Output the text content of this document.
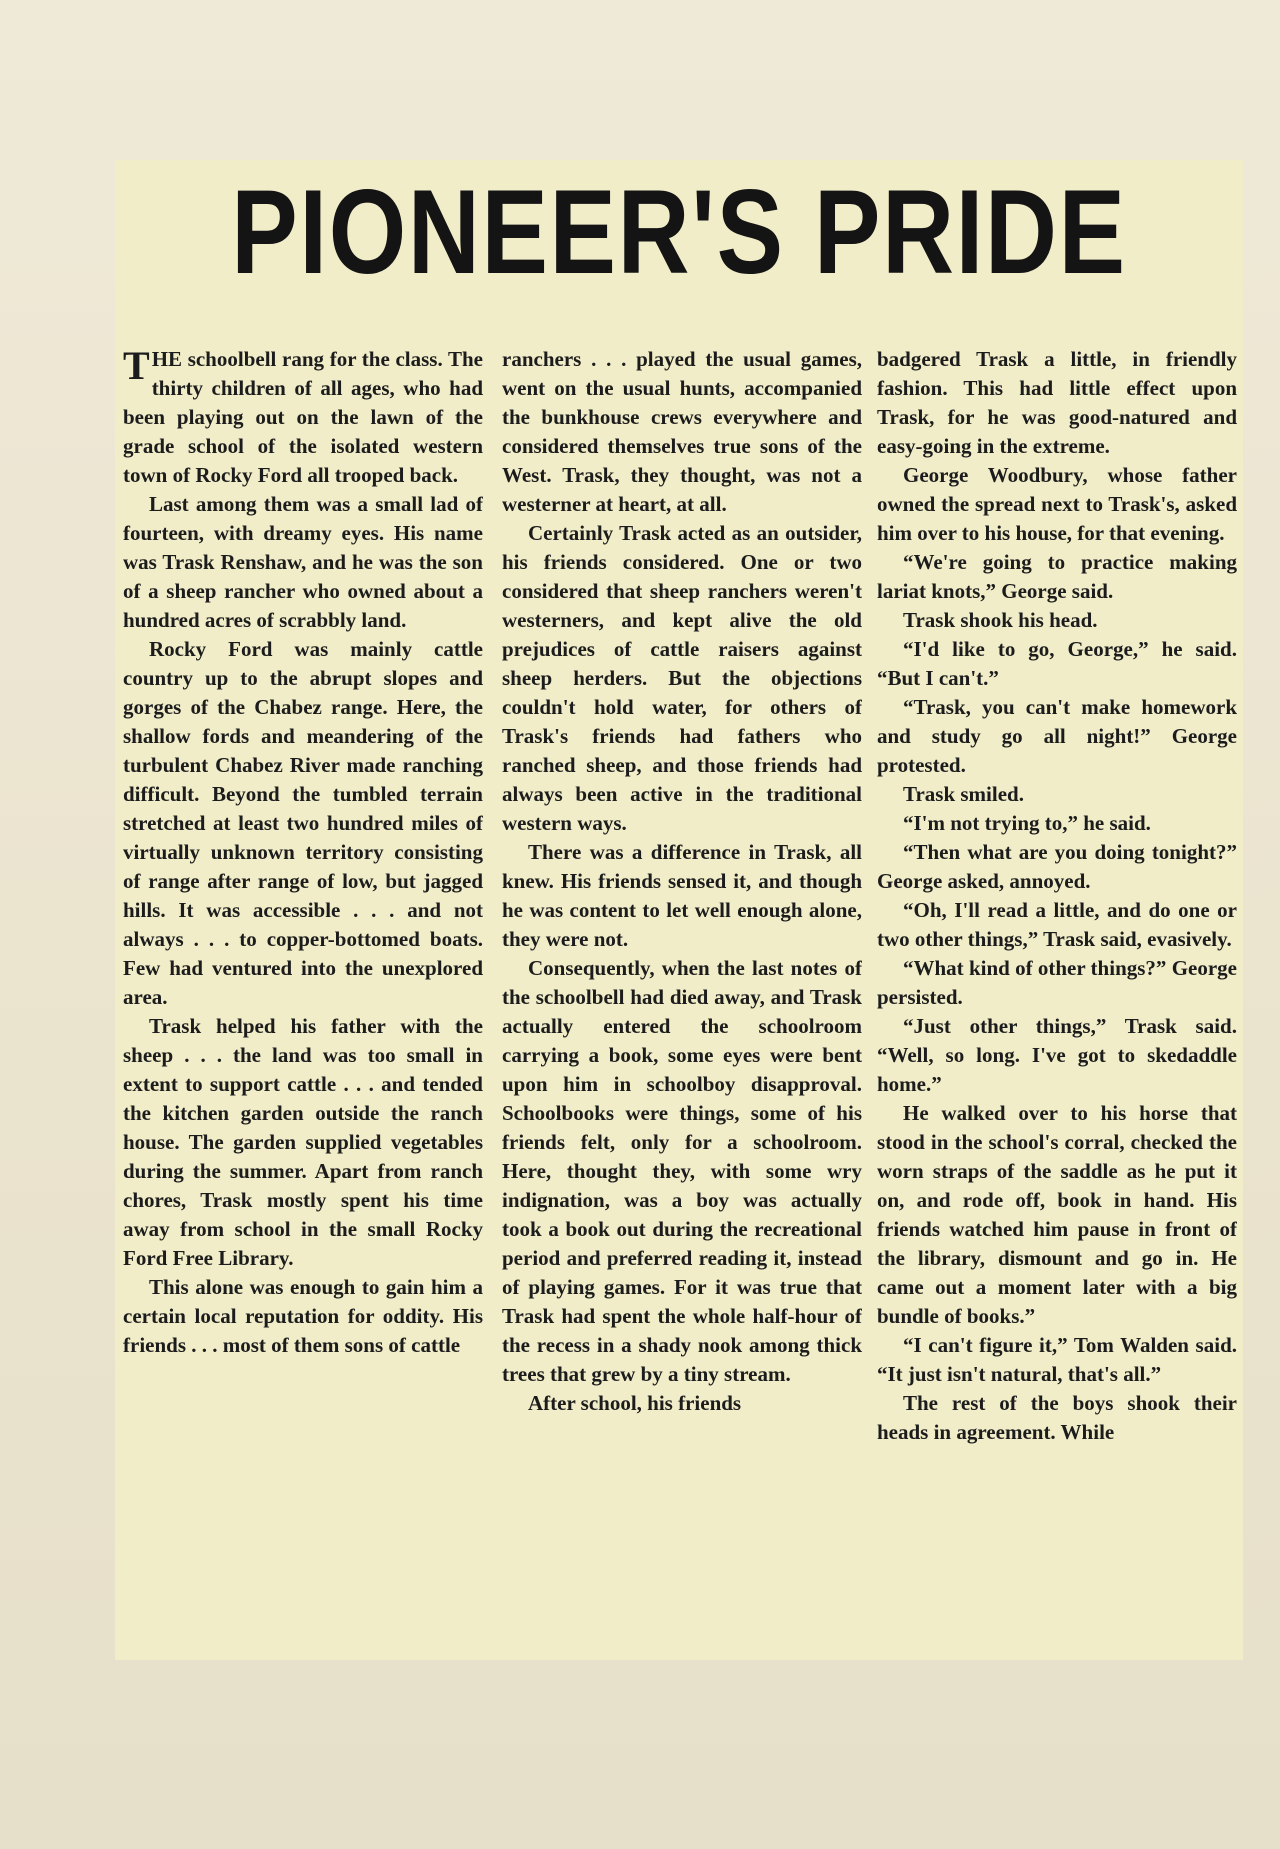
PIONEER'S PRIDE

THE schoolbell rang for the class. The thirty children of all ages, who had been playing out on the lawn of the grade school of the isolated western town of Rocky Ford all trooped back.

Last among them was a small lad of fourteen, with dreamy eyes. His name was Trask Renshaw, and he was the son of a sheep rancher who owned about a hundred acres of scrabbly land.

Rocky Ford was mainly cattle country up to the abrupt slopes and gorges of the Chabez range. Here, the shallow fords and meandering of the turbulent Chabez River made ranching difficult. Beyond the tumbled terrain stretched at least two hundred miles of virtually unknown territory consisting of range after range of low, but jagged hills. It was accessible . . . and not always . . . to copper-bottomed boats. Few had ventured into the unexplored area.

Trask helped his father with the sheep . . . the land was too small in extent to support cattle . . . and tended the kitchen garden outside the ranch house. The garden supplied vegetables during the summer. Apart from ranch chores, Trask mostly spent his time away from school in the small Rocky Ford Free Library.

This alone was enough to gain him a certain local reputation for oddity. His friends . . . most of them sons of cattle

ranchers . . . played the usual games, went on the usual hunts, accompanied the bunkhouse crews everywhere and considered themselves true sons of the West. Trask, they thought, was not a westerner at heart, at all.

Certainly Trask acted as an outsider, his friends considered. One or two considered that sheep ranchers weren't westerners, and kept alive the old prejudices of cattle raisers against sheep herders. But the objections couldn't hold water, for others of Trask's friends had fathers who ranched sheep, and those friends had always been active in the traditional western ways.

There was a difference in Trask, all knew. His friends sensed it, and though he was content to let well enough alone, they were not.

Consequently, when the last notes of the schoolbell had died away, and Trask actually entered the schoolroom carrying a book, some eyes were bent upon him in schoolboy disapproval. Schoolbooks were things, some of his friends felt, only for a schoolroom. Here, thought they, with some wry indignation, was a boy was actually took a book out during the recreational period and preferred reading it, instead of playing games. For it was true that Trask had spent the whole half-hour of the recess in a shady nook among thick trees that grew by a tiny stream.

After school, his friends

badgered Trask a little, in friendly fashion. This had little effect upon Trask, for he was good-natured and easy-going in the extreme.

George Woodbury, whose father owned the spread next to Trask's, asked him over to his house, for that evening.

“We're going to practice making lariat knots,” George said.

Trask shook his head.

“I'd like to go, George,” he said. “But I can't.”

“Trask, you can't make homework and study go all night!” George protested.

Trask smiled.

“I'm not trying to,” he said.

“Then what are you doing tonight?” George asked, annoyed.

“Oh, I'll read a little, and do one or two other things,” Trask said, evasively.

“What kind of other things?” George persisted.

“Just other things,” Trask said. “Well, so long. I've got to skedaddle home.”

He walked over to his horse that stood in the school's corral, checked the worn straps of the saddle as he put it on, and rode off, book in hand. His friends watched him pause in front of the library, dismount and go in. He came out a moment later with a big bundle of books.”

“I can't figure it,” Tom Walden said. “It just isn't natural, that's all.”

The rest of the boys shook their heads in agreement. While
